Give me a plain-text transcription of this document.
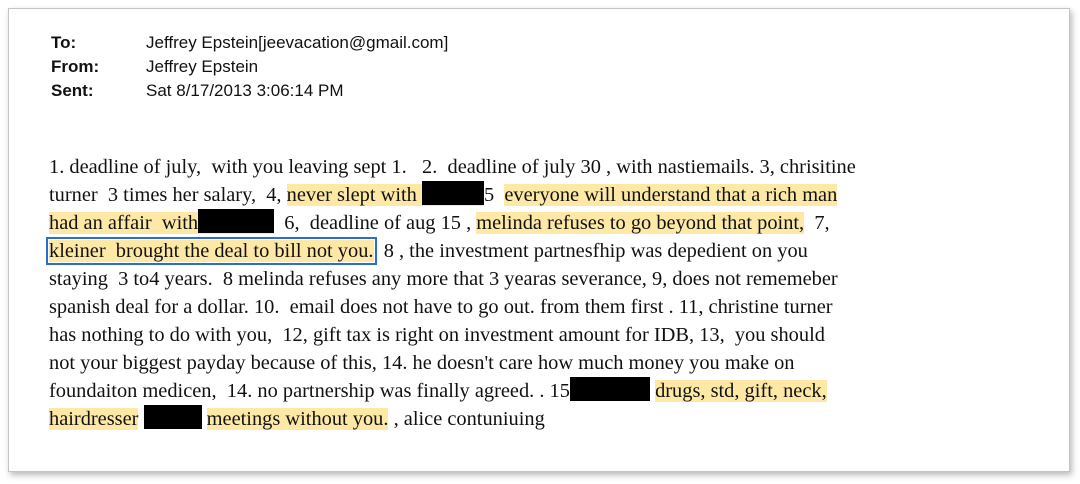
To:	Jeffrey Epstein[jeevacation@gmail.com]
From:	Jeffrey Epstein
Sent:	Sat 8/17/2013 3:06:14 PM
1. deadline of july,  with you leaving sept 1.   2.  deadline of july 30 , with nastiemails. 3, chrisitine
turner  3 times her salary,  4, never slept with	5  everyone will understand that a rich man
had an affair  with	6,  deadline of aug 15 , melinda refuses to go beyond that point,  7,
kleiner  brought the deal to bill not you.  8 , the investment partnesfhip was depedient on you
staying  3 to4 years.  8 melinda refuses any more that 3 yearas severance, 9, does not rememeber
spanish deal for a dollar. 10.  email does not have to go out. from them first . 11, christine turner
has nothing to do with you,  12, gift tax is right on investment amount for IDB, 13,  you should
not your biggest payday because of this, 14. he doesn't care how much money you make on
foundaiton medicen,  14. no partnership was finally agreed. . 15	drugs, std, gift, neck,
hairdresser	meetings without you. , alice contuniuing
